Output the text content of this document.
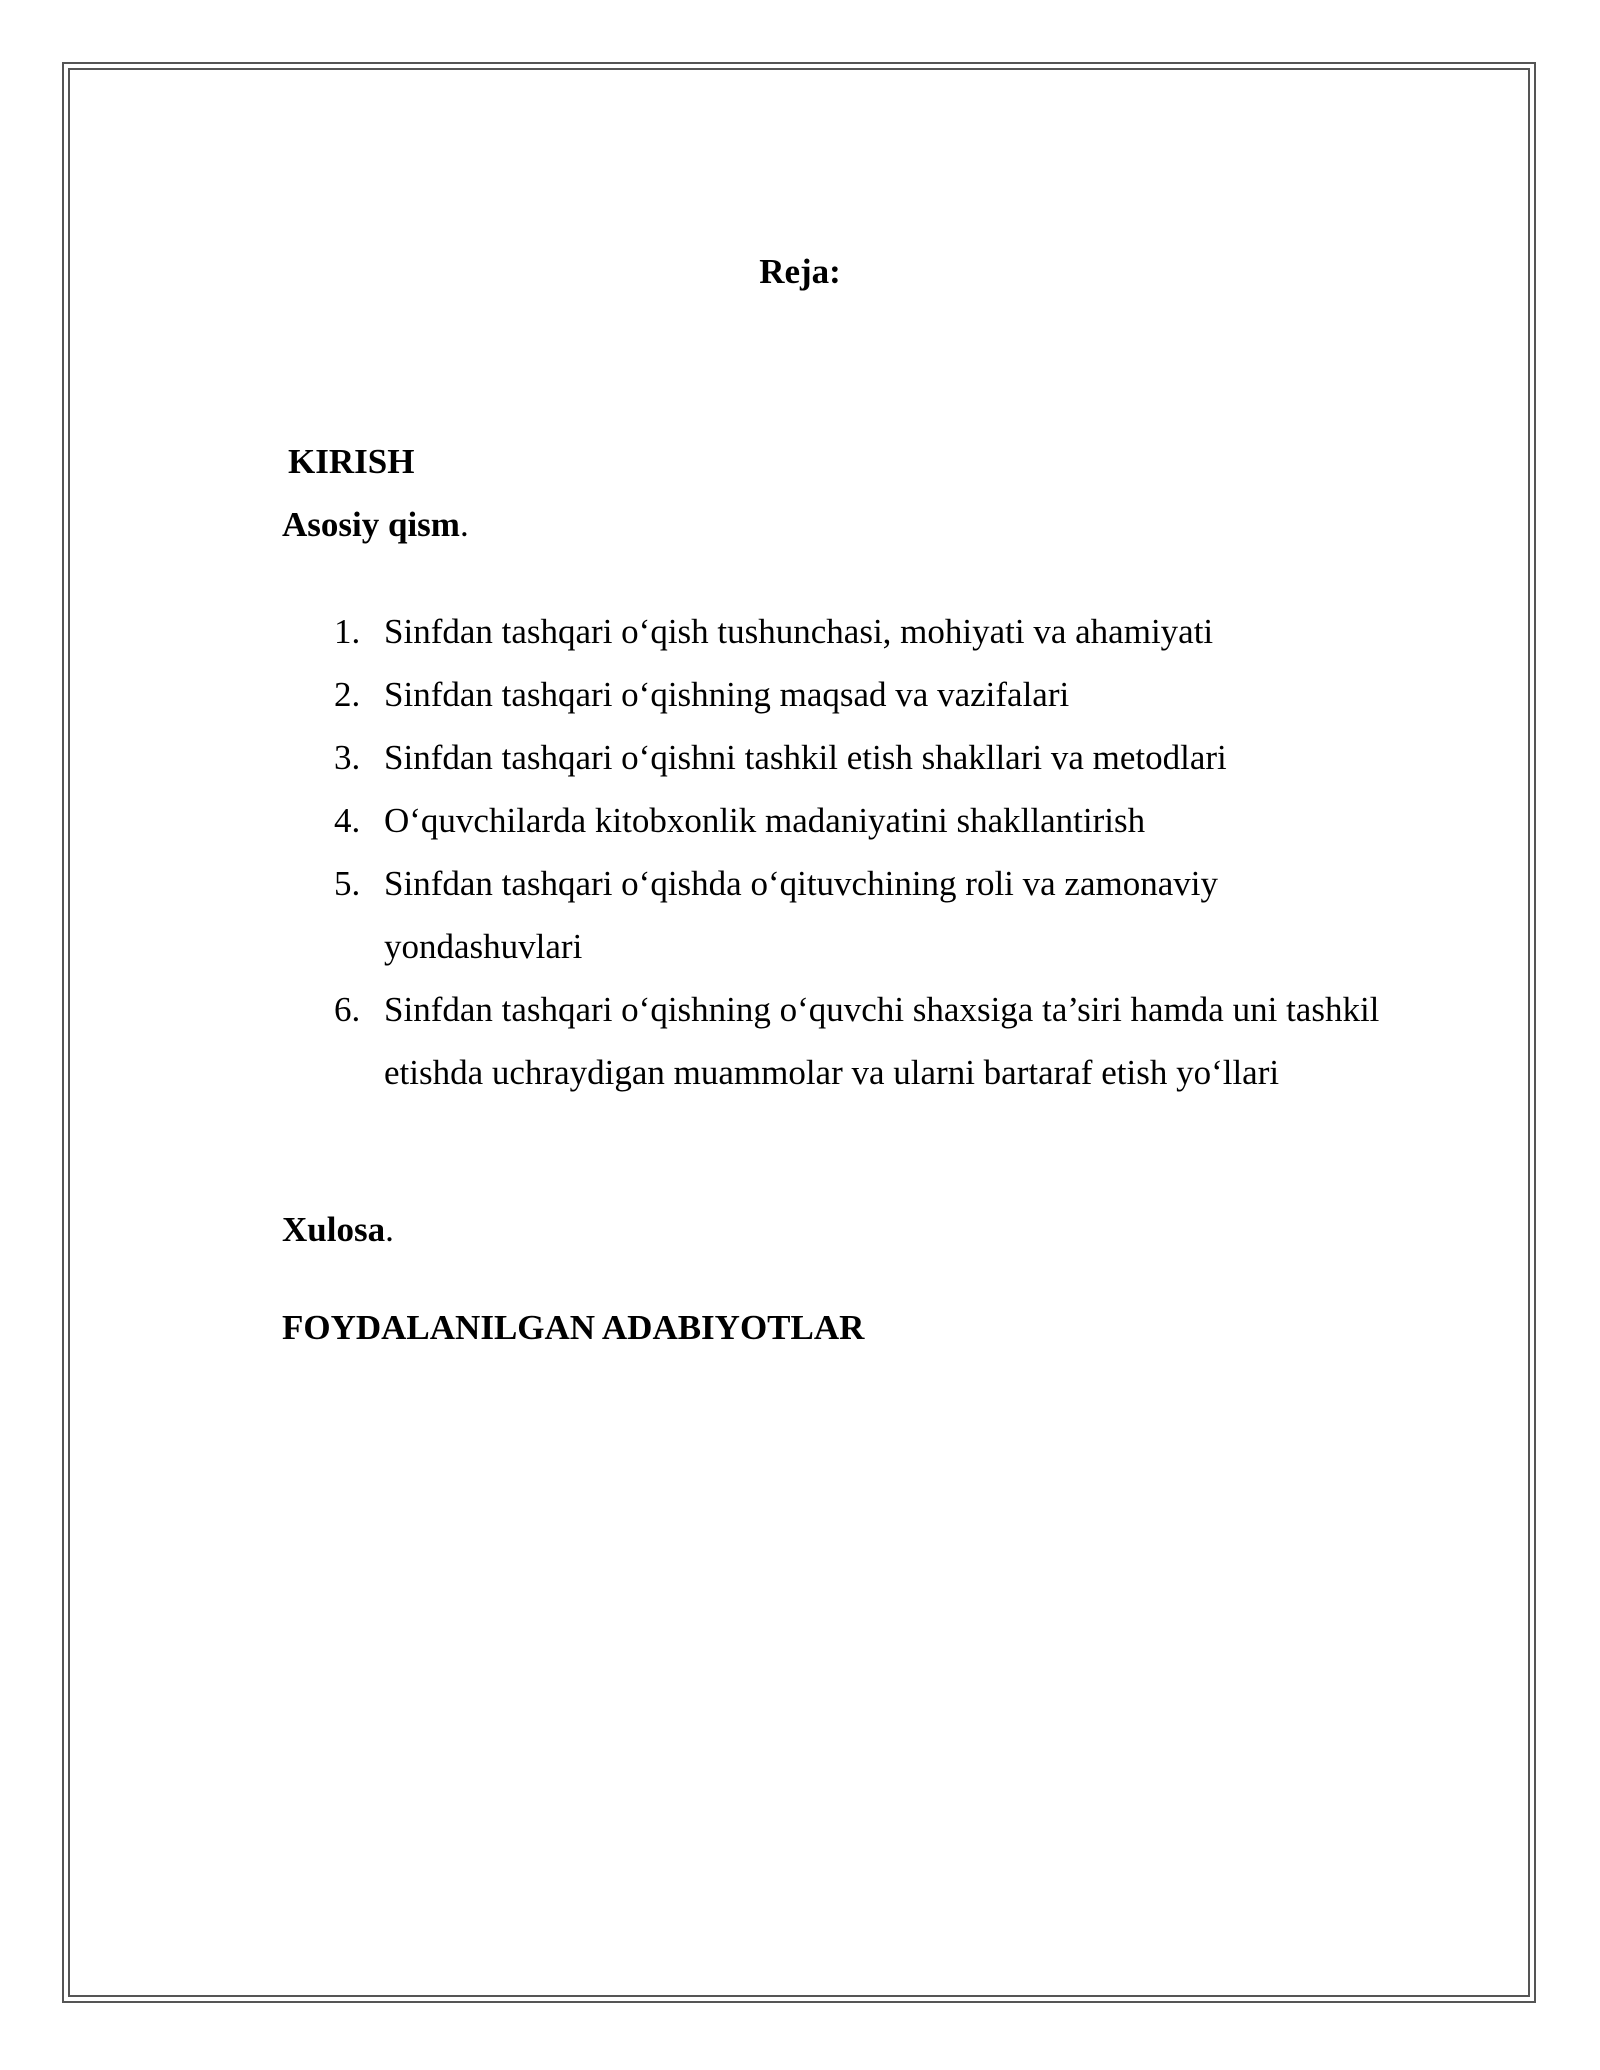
Reja:
KIRISH
Asosiy qism.
1. Sinfdan tashqari o‘qish tushunchasi, mohiyati va ahamiyati
2. Sinfdan tashqari o‘qishning maqsad va vazifalari
3. Sinfdan tashqari o‘qishni tashkil etish shakllari va metodlari
4. O‘quvchilarda kitobxonlik madaniyatini shakllantirish
5. Sinfdan tashqari o‘qishda o‘qituvchining roli va zamonaviy yondashuvlari
6. Sinfdan tashqari o‘qishning o‘quvchi shaxsiga ta’siri hamda uni tashkil etishda uchraydigan muammolar va ularni bartaraf etish yo‘llari
Xulosa.
FOYDALANILGAN ADABIYOTLAR
